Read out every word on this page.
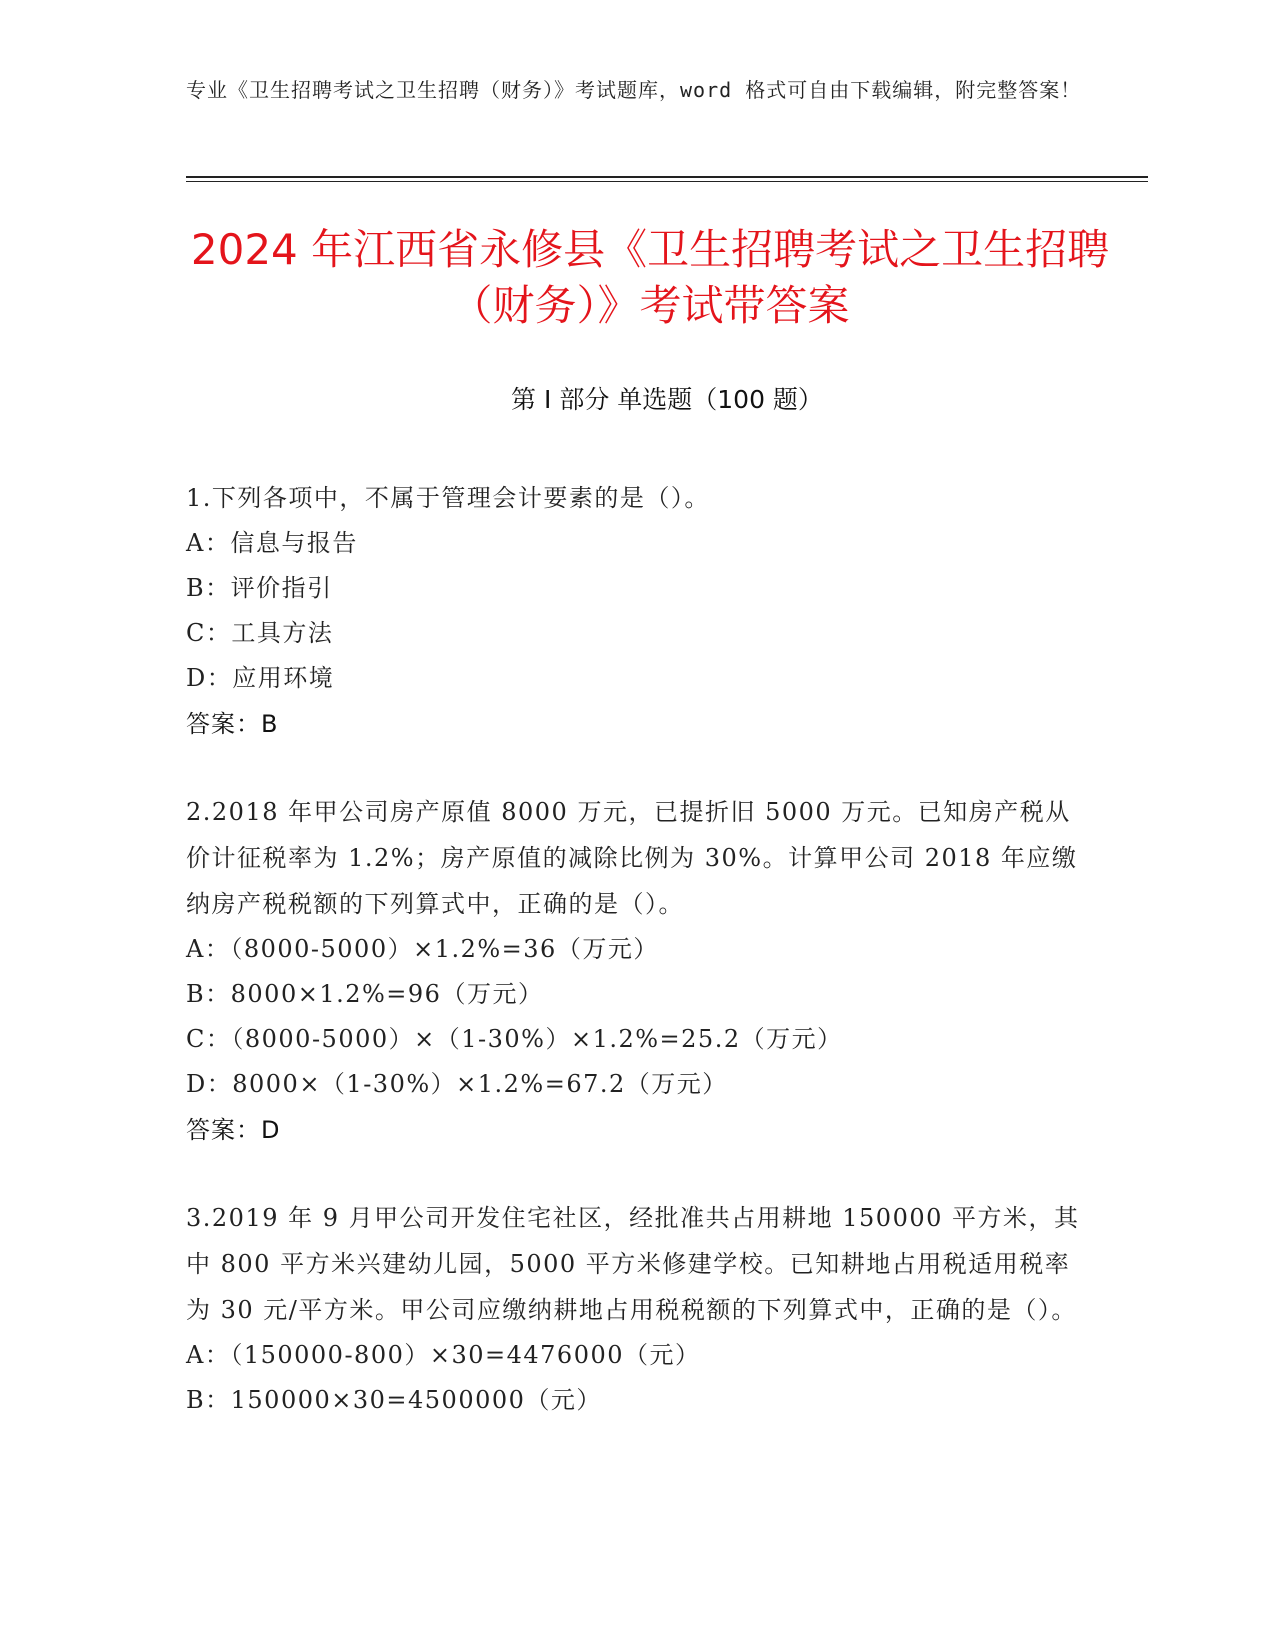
专业《卫生招聘考试之卫生招聘（财务）》考试题库，word 格式可自由下载编辑，附完整答案！
2024 年江西省永修县《卫生招聘考试之卫生招聘（财务）》考试带答案
第 I 部分 单选题（100 题）
1.下列各项中，不属于管理会计要素的是（）。
A：信息与报告
B：评价指引
C：工具方法
D：应用环境
答案：B
2.2018 年甲公司房产原值 8000 万元，已提折旧 5000 万元。已知房产税从价计征税率为 1.2%；房产原值的减除比例为 30%。计算甲公司 2018 年应缴纳房产税税额的下列算式中，正确的是（）。
A：（8000-5000）×1.2%=36（万元）
B：8000×1.2%=96（万元）
C：（8000-5000）×（1-30%）×1.2%=25.2（万元）
D：8000×（1-30%）×1.2%=67.2（万元）
答案：D
3.2019 年 9 月甲公司开发住宅社区，经批准共占用耕地 150000 平方米，其中 800 平方米兴建幼儿园，5000 平方米修建学校。已知耕地占用税适用税率为 30 元/平方米。甲公司应缴纳耕地占用税税额的下列算式中，正确的是（）。
A：（150000-800）×30=4476000（元）
B：150000×30=4500000（元）
